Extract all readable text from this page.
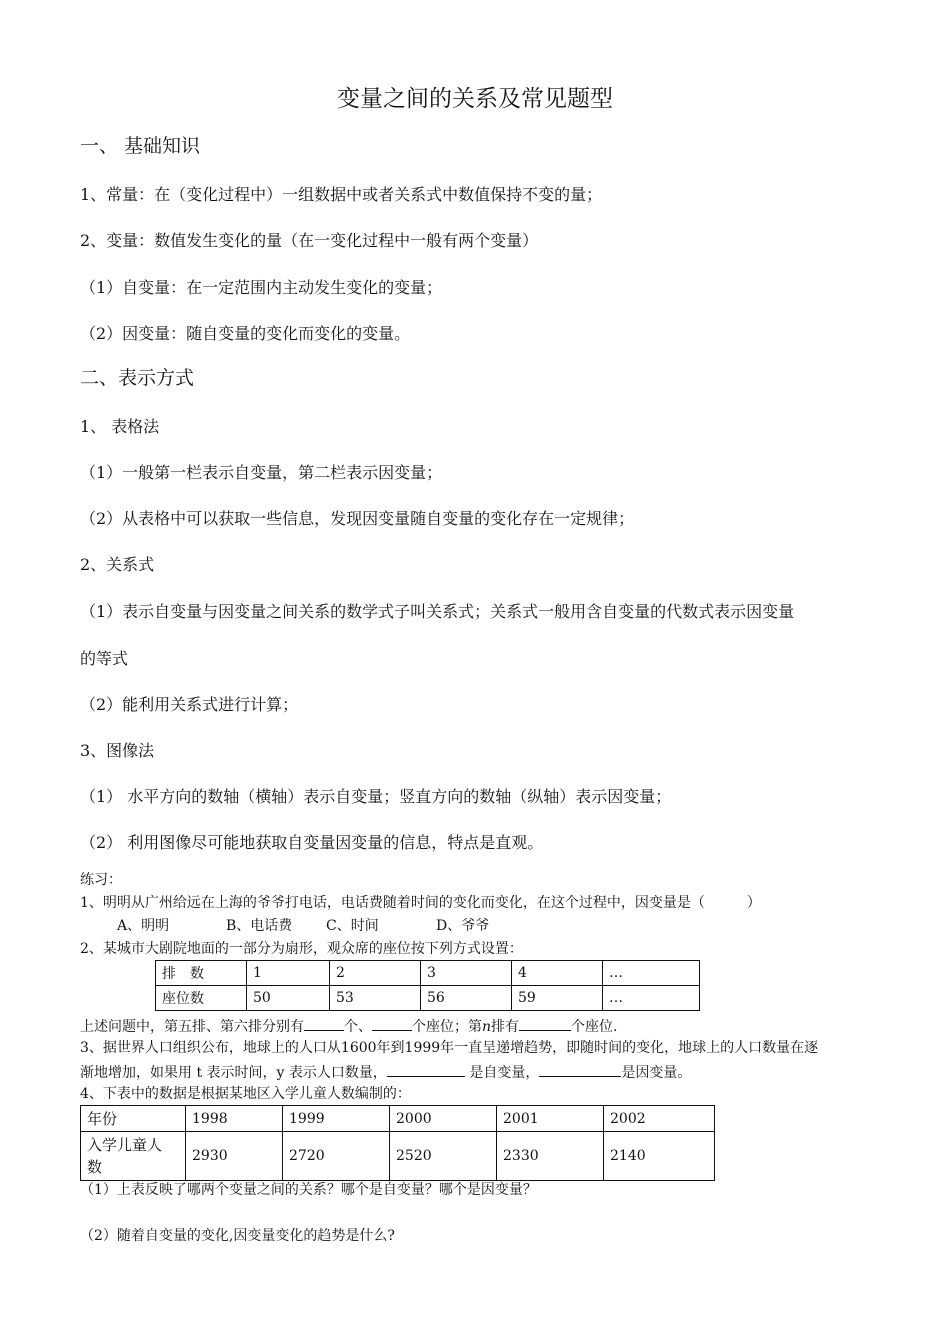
变量之间的关系及常见题型
一、 基础知识
1、常量：在（变化过程中）一组数据中或者关系式中数值保持不变的量；
2、变量：数值发生变化的量（在一变化过程中一般有两个变量）
（1）自变量：在一定范围内主动发生变化的变量；
（2）因变量：随自变量的变化而变化的变量。
二、表示方式
1、 表格法
（1）一般第一栏表示自变量，第二栏表示因变量；
（2）从表格中可以获取一些信息，发现因变量随自变量的变化存在一定规律；
2、关系式
（1）表示自变量与因变量之间关系的数学式子叫关系式；关系式一般用含自变量的代数式表示因变量
的等式
（2）能利用关系式进行计算；
3、图像法
（1） 水平方向的数轴（横轴）表示自变量；竖直方向的数轴（纵轴）表示因变量；
（2） 利用图像尽可能地获取自变量因变量的信息，特点是直观。
练习：
1、明明从广州给远在上海的爷爷打电话，电话费随着时间的变化而变化，在这个过程中，因变量是（　　　）
A、明明	B、电话费 C、时间	D、爷爷
2、某城市大剧院地面的一部分为扇形，观众席的座位按下列方式设置：
排　数	1	2	3	4	…
座位数	50	53	56	59	…
上述问题中，第五排、第六排分别有	个、	个座位；第n排有	个座位.
3、据世界人口组织公布，地球上的人口从1600年到1999年一直呈递增趋势，即随时间的变化，地球上的人口数量在逐
渐地增加，如果用 t 表示时间，y 表示人口数量，	是自变量，	是因变量。
4、下表中的数据是根据某地区入学儿童人数编制的：
年份	1998	1999	2000	2001	2002
入学儿童人
数	2930	2720	2520	2330	2140
（1）上表反映了哪两个变量之间的关系？哪个是自变量？哪个是因变量？
（2）随着自变量的变化,因变量变化的趋势是什么?
